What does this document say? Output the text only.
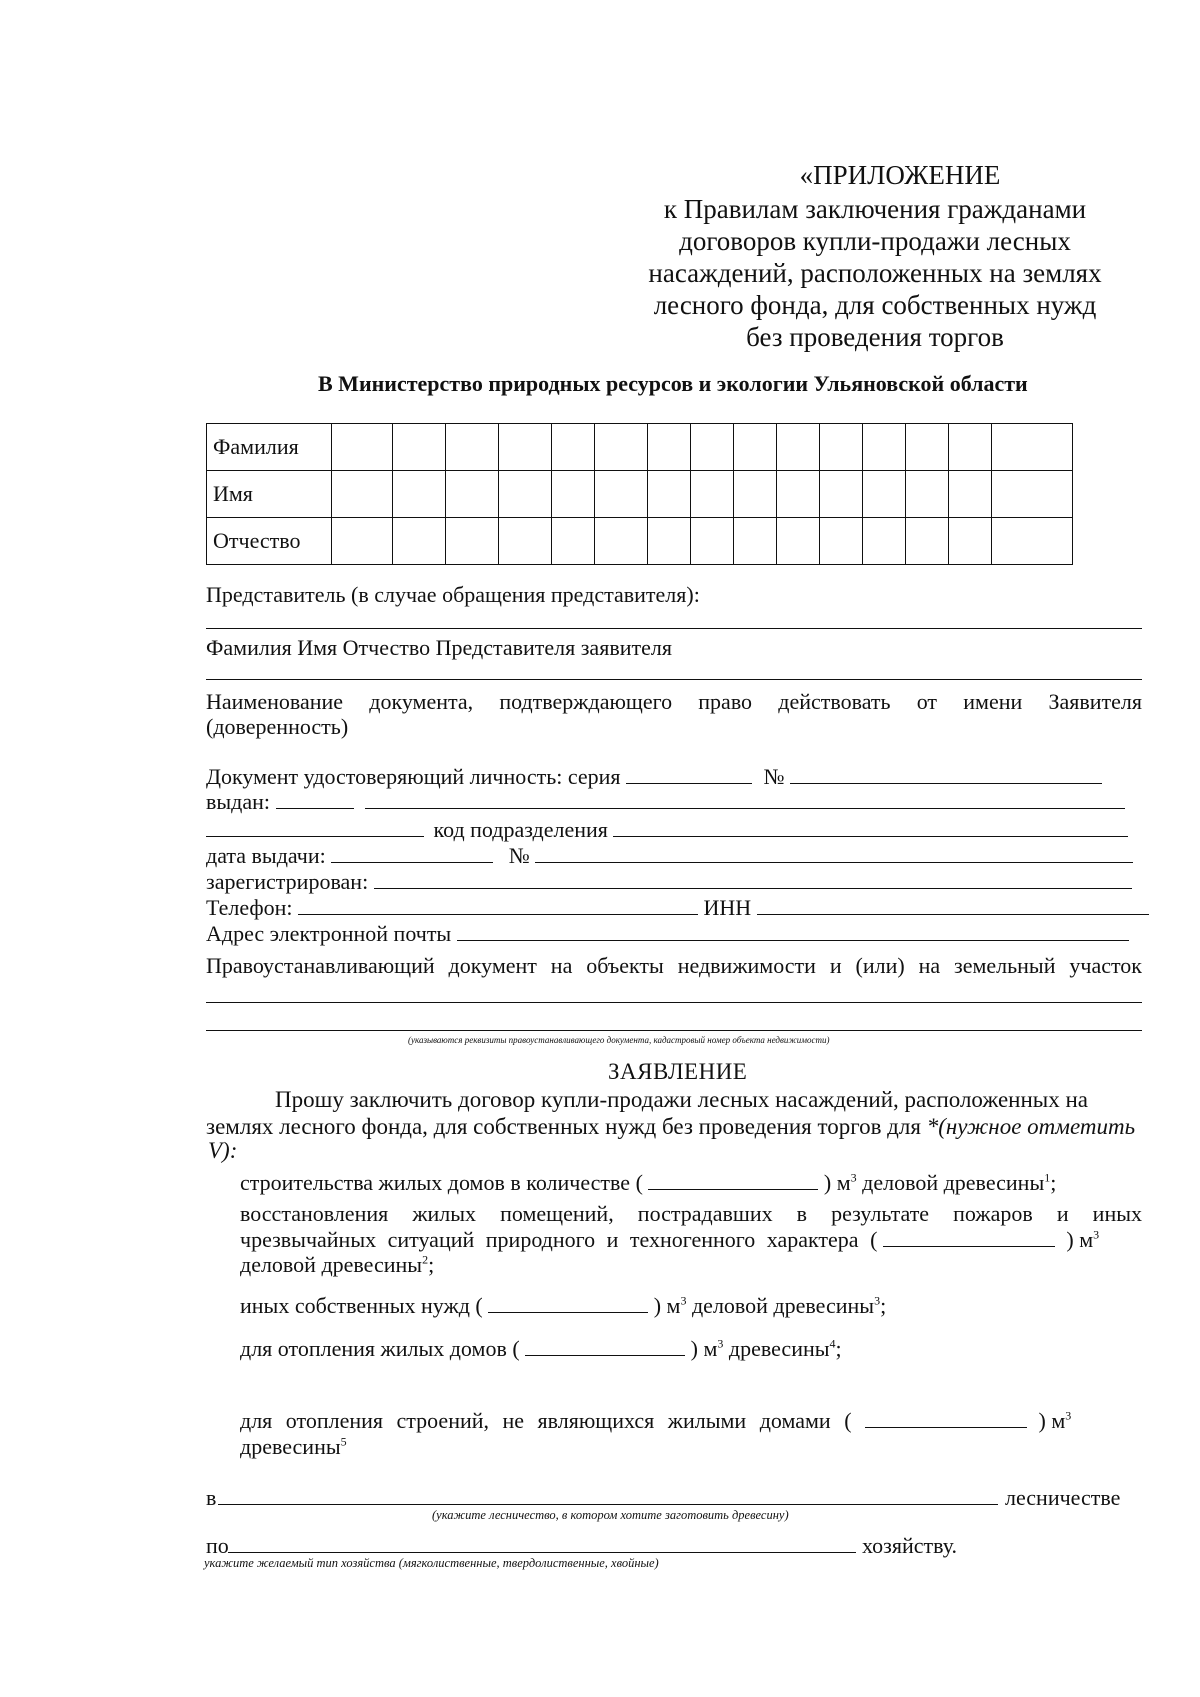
«ПРИЛОЖЕНИЕ
к Правилам заключения гражданами
договоров купли-продажи лесных
насаждений, расположенных на землях
лесного фонда, для собственных нужд
без проведения торгов
В Министерство природных ресурсов и экологии Ульяновской области
Фамилия															
Имя															
Отчество															
Представитель (в случае обращения представителя):
Фамилия Имя Отчество Представителя заявителя
Наименование документа, подтверждающего право действовать от имени Заявителя
(доверенность)
Документ удостоверяющий личность: серия	№
выдан:
код подразделения
дата выдачи:	№
зарегистрирован:
Телефон:	ИНН
Адрес электронной почты
Правоустанавливающий документ на объекты недвижимости и (или) на земельный участок
(указываются реквизиты правоустанавливающего документа, кадастровый номер объекта недвижимости)
ЗАЯВЛЕНИЕ
Прошу заключить договор купли-продажи лесных насаждений, расположенных на
землях лесного фонда, для собственных нужд без проведения торгов для *(нужное отметить
V):
строительства жилых домов в количестве (	) $м^3$ деловой древесины$^1$;
восстановления жилых помещений, пострадавших в результате пожаров и иных
чрезвычайных ситуаций природного и техногенного характера (	) $м^3$
деловой древесины$^2$;
иных собственных нужд (	) $м^3$ деловой древесины$^3$;
для отопления жилых домов (	) $м^3$ древесины$^4$;
для отопления строений, не являющихся жилыми домами (	) $м^3$
древесины$^5$
в	лесничестве
(укажите лесничество, в котором хотите заготовить древесину)
по	хозяйству.
укажите желаемый тип хозяйства (мягколиственные, твердолиственные, хвойные)
